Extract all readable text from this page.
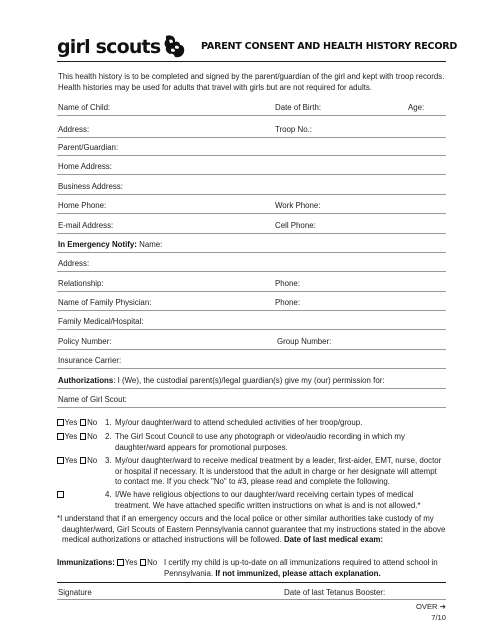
girl scouts	PARENT CONSENT AND HEALTH HISTORY RECORD
This health history is to be completed and signed by the parent/guardian of the girl and kept with troop records. Health histories may be used for adults that travel with girls but are not required for adults.
Name of Child:	Date of Birth:	Age:
Address:	Troop No.:
Parent/Guardian:
Home Address:
Business Address:
Home Phone:	Work Phone:
E-mail Address:	Cell Phone:
In Emergency Notify: Name:
Address:
Relationship:	Phone:
Name of Family Physician:	Phone:
Family Medical/Hospital:
Policy Number:	Group Number:
Insurance Carrier:
Authorizations: I (We), the custodial parent(s)/legal guardian(s) give my (our) permission for:
Name of Girl Scout:
Yes No 1. My/our daughter/ward to attend scheduled activities of her troop/group.
Yes No 2. The Girl Scout Council to use any photograph or video/audio recording in which my daughter/ward appears for promotional purposes.
Yes No 3. My/our daughter/ward to receive medical treatment by a leader, first-aider, EMT, nurse, doctor or hospital if necessary. It is understood that the adult in charge or her designate will attempt to contact me. If you check "No" to #3, please read and complete the following.
4. I/We have religious objections to our daughter/ward receiving certain types of medical treatment. We have attached specific written instructions on what is and is not allowed.*
*I understand that if an emergency occurs and the local police or other similar authorities take custody of my
daughter/ward, Girl Scouts of Eastern Pennsylvania cannot guarantee that my instructions stated in the above
medical authorizations or attached instructions will be followed. Date of last medical exam:
Immunizations: Yes No I certify my child is up-to-date on all immunizations required to attend school in Pennsylvania. If not immunized, please attach explanation.
Signature	Date of last Tetanus Booster:
OVER ➔
7/10
